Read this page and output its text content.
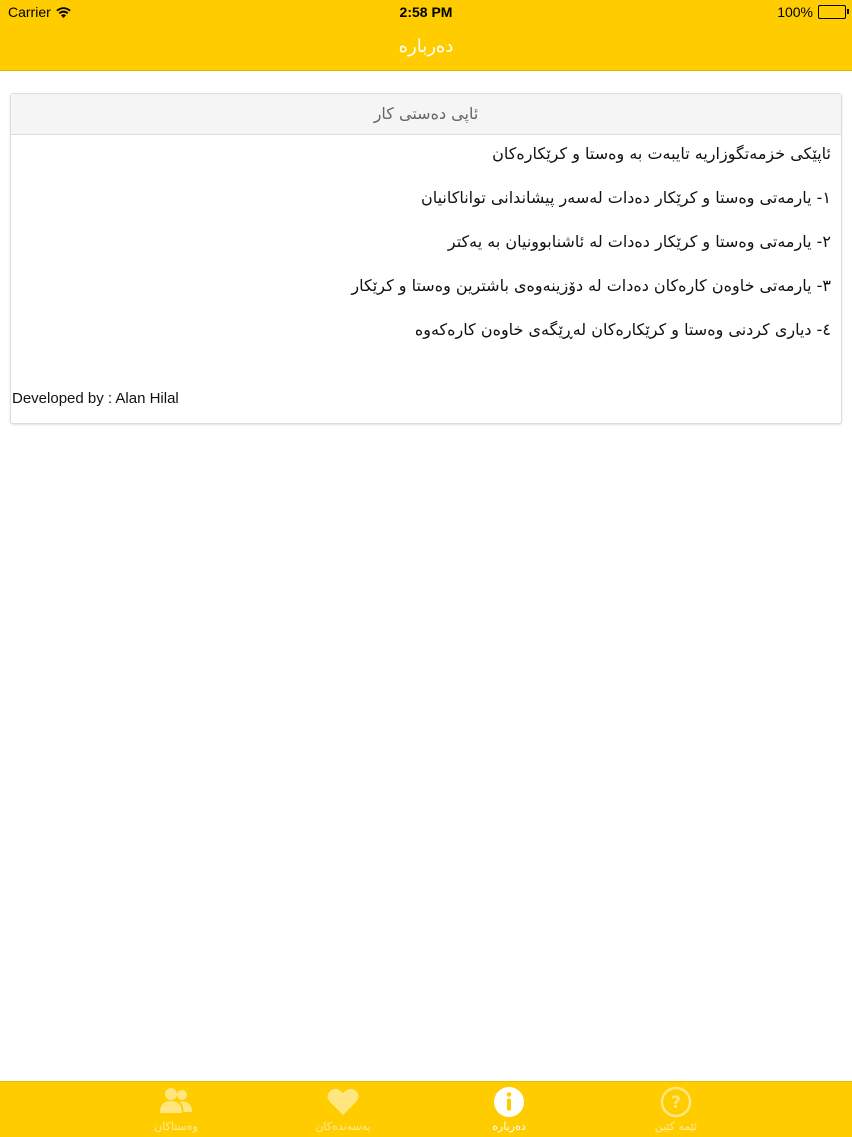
Carrier	2:58 PM	100%
دەربارە
ئاپی دەستی کار

ئاپێکی خزمەتگوزاریە تایبەت بە وەستا و کرێکارەکان

١- یارمەتی وەستا و کرێکار دەدات لەسەر پیشاندانی تواناکانیان

٢- یارمەتی وەستا و کرێکار دەدات لە ئاشنابوونیان بە یەکتر

٣- یارمەتی خاوەن کارەکان دەدات لە دۆزینەوەی باشترین وەستا و کرێکار

٤- دیاری کردنی وەستا و کرێکارەکان لەڕێگەی خاوەن کارەکەوە

Developed by : Alan Hilal
وەستاکان	پەسەندەکان	دەربارە
?
ئێمە کێین
